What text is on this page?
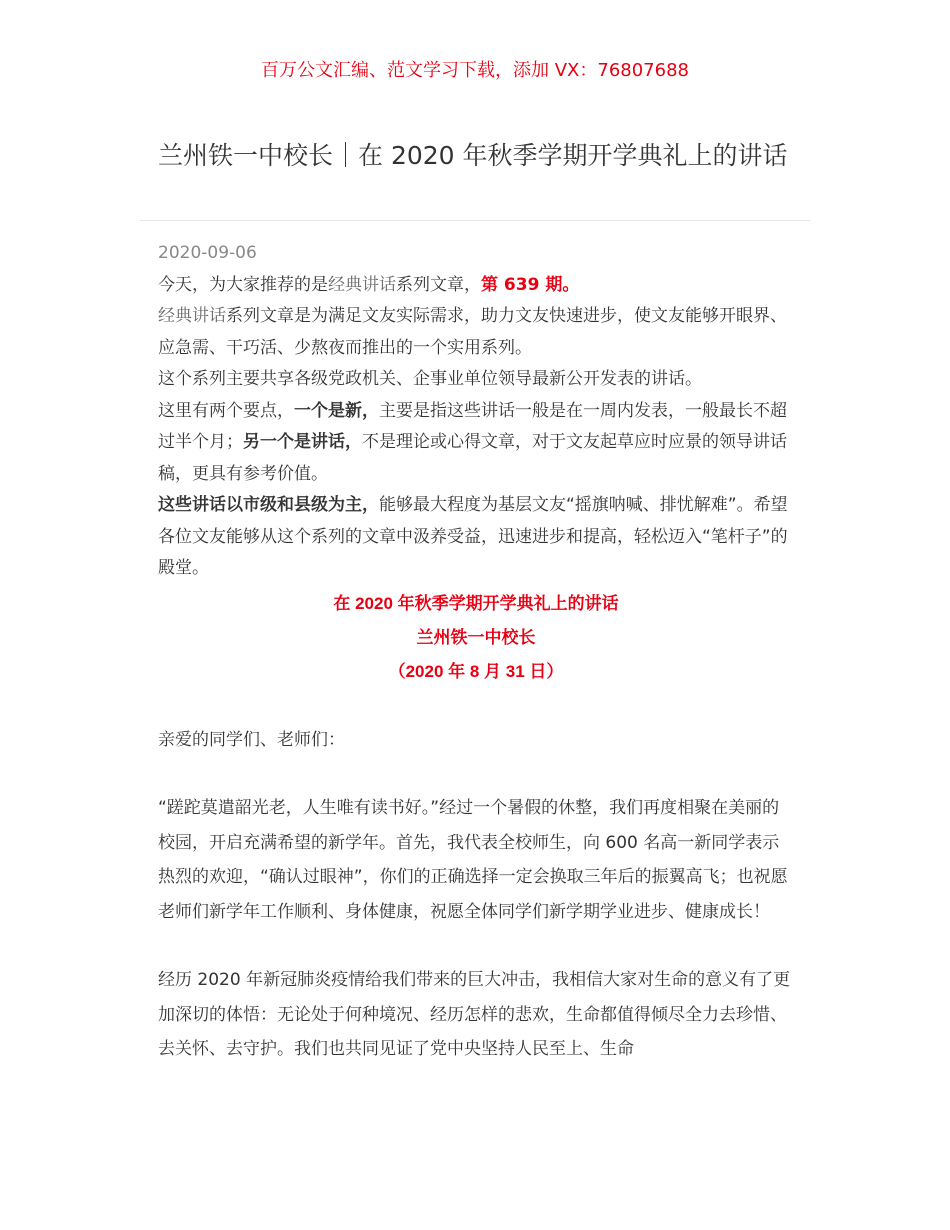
百万公文汇编、范文学习下载，添加 VX：76807688
兰州铁一中校长｜在 2020 年秋季学期开学典礼上的讲话

2020-09-06

今天，为大家推荐的是经典讲话系列文章，第 639 期。

经典讲话系列文章是为满足文友实际需求，助力文友快速进步，使文友能够开眼界、应急需、干巧活、少熬夜而推出的一个实用系列。

这个系列主要共享各级党政机关、企事业单位领导最新公开发表的讲话。

这里有两个要点，一个是新，主要是指这些讲话一般是在一周内发表，一般最长不超过半个月；另一个是讲话，不是理论或心得文章，对于文友起草应时应景的领导讲话稿，更具有参考价值。

这些讲话以市级和县级为主，能够最大程度为基层文友“摇旗呐喊、排忧解难”。希望各位文友能够从这个系列的文章中汲养受益，迅速进步和提高，轻松迈入“笔杆子”的殿堂。

在 2020 年秋季学期开学典礼上的讲话

兰州铁一中校长

（2020 年 8 月 31 日）

亲爱的同学们、老师们：

“蹉跎莫遣韶光老，人生唯有读书好。”经过一个暑假的休整，我们再度相聚在美丽的校园，开启充满希望的新学年。首先，我代表全校师生，向 600 名高一新同学表示热烈的欢迎，“确认过眼神”，你们的正确选择一定会换取三年后的振翼高飞；也祝愿老师们新学年工作顺利、身体健康，祝愿全体同学们新学期学业进步、健康成长！

经历 2020 年新冠肺炎疫情给我们带来的巨大冲击，我相信大家对生命的意义有了更加深切的体悟：无论处于何种境况、经历怎样的悲欢，生命都值得倾尽全力去珍惜、去关怀、去守护。我们也共同见证了党中央坚持人民至上、生命
